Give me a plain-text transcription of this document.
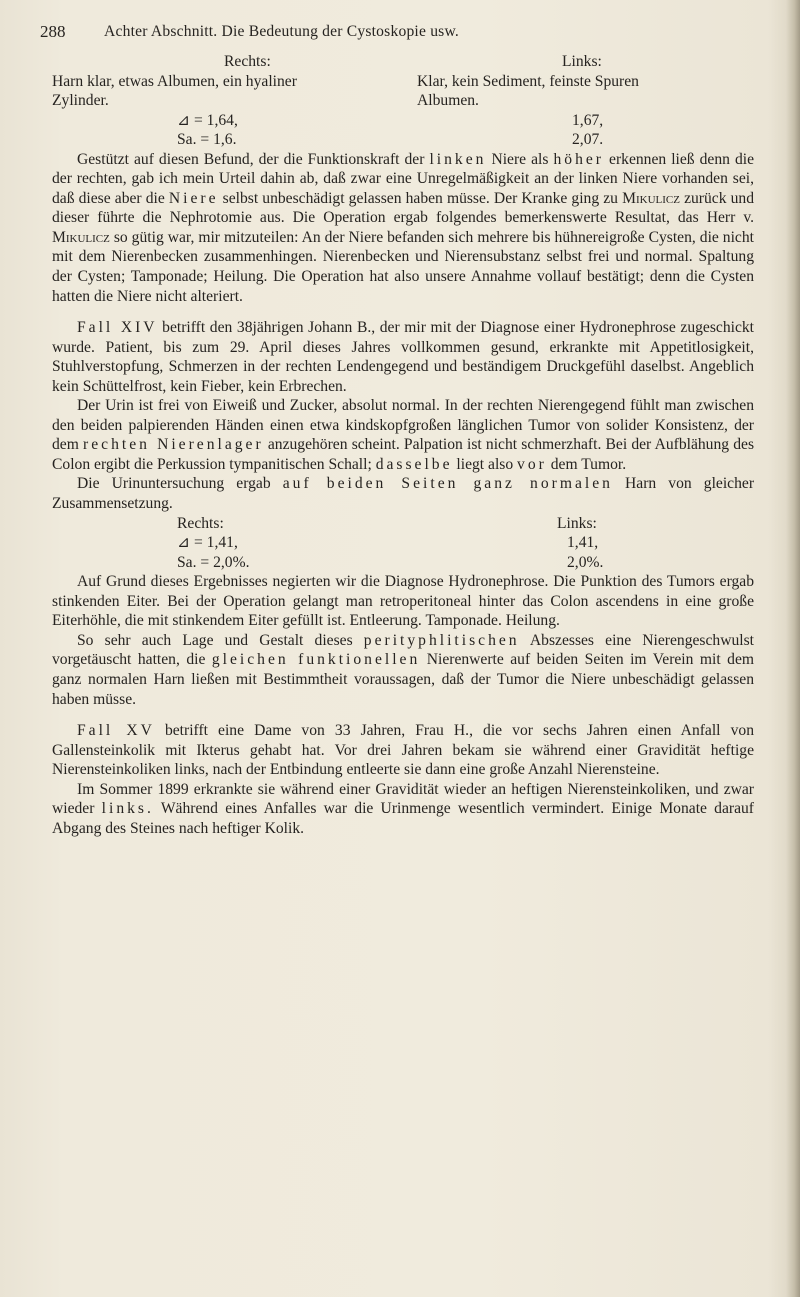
288 Achter Abschnitt. Die Bedeutung der Cystoskopie usw.
Rechts:	Links:
Harn klar, etwas Albumen, ein hyaliner	Klar, kein Sediment, feinste Spuren
Zylinder.	Albumen.
⊿ = 1,64,	1,67,
Sa. = 1,6.	2,07.

Gestützt auf diesen Befund, der die Funktionskraft der linken Niere als höher erkennen ließ denn die der rechten, gab ich mein Urteil dahin ab, daß zwar eine Unregelmäßigkeit an der linken Niere vorhanden sei, daß diese aber die Niere selbst unbeschädigt gelassen haben müsse. Der Kranke ging zu Mikulicz zurück und dieser führte die Nephrotomie aus. Die Operation ergab folgendes bemerkenswerte Resultat, das Herr v. Mikulicz so gütig war, mir mitzuteilen: An der Niere befanden sich mehrere bis hühnereigroße Cysten, die nicht mit dem Nierenbecken zusammenhingen. Nierenbecken und Nierensubstanz selbst frei und normal. Spaltung der Cysten; Tamponade; Heilung. Die Operation hat also unsere Annahme vollauf bestätigt; denn die Cysten hatten die Niere nicht alteriert.

Fall XIV betrifft den 38jährigen Johann B., der mir mit der Diagnose einer Hydronephrose zugeschickt wurde. Patient, bis zum 29. April dieses Jahres vollkommen gesund, erkrankte mit Appetitlosigkeit, Stuhlverstopfung, Schmerzen in der rechten Lendengegend und beständigem Druckgefühl daselbst. Angeblich kein Schüttelfrost, kein Fieber, kein Erbrechen.

Der Urin ist frei von Eiweiß und Zucker, absolut normal. In der rechten Nierengegend fühlt man zwischen den beiden palpierenden Händen einen etwa kindskopfgroßen länglichen Tumor von solider Konsistenz, der dem rechten Nierenlager anzugehören scheint. Palpation ist nicht schmerzhaft. Bei der Aufblähung des Colon ergibt die Perkussion tympanitischen Schall; dasselbe liegt also vor dem Tumor.

Die Urinuntersuchung ergab auf beiden Seiten ganz normalen Harn von gleicher Zusammensetzung.

Rechts:	Links:
⊿ = 1,41,	1,41,
Sa. = 2,0%.	2,0%.

Auf Grund dieses Ergebnisses negierten wir die Diagnose Hydronephrose. Die Punktion des Tumors ergab stinkenden Eiter. Bei der Operation gelangt man retroperitoneal hinter das Colon ascendens in eine große Eiterhöhle, die mit stinkendem Eiter gefüllt ist. Entleerung. Tamponade. Heilung.

So sehr auch Lage und Gestalt dieses perityphlitischen Abszesses eine Nierengeschwulst vorgetäuscht hatten, die gleichen funktionellen Nierenwerte auf beiden Seiten im Verein mit dem ganz normalen Harn ließen mit Bestimmtheit voraussagen, daß der Tumor die Niere unbeschädigt gelassen haben müsse.

Fall XV betrifft eine Dame von 33 Jahren, Frau H., die vor sechs Jahren einen Anfall von Gallensteinkolik mit Ikterus gehabt hat. Vor drei Jahren bekam sie während einer Gravidität heftige Nierensteinkoliken links, nach der Entbindung entleerte sie dann eine große Anzahl Nierensteine.

Im Sommer 1899 erkrankte sie während einer Gravidität wieder an heftigen Nierensteinkoliken, und zwar wieder links. Während eines Anfalles war die Urinmenge wesentlich vermindert. Einige Monate darauf Abgang des Steines nach heftiger Kolik.
